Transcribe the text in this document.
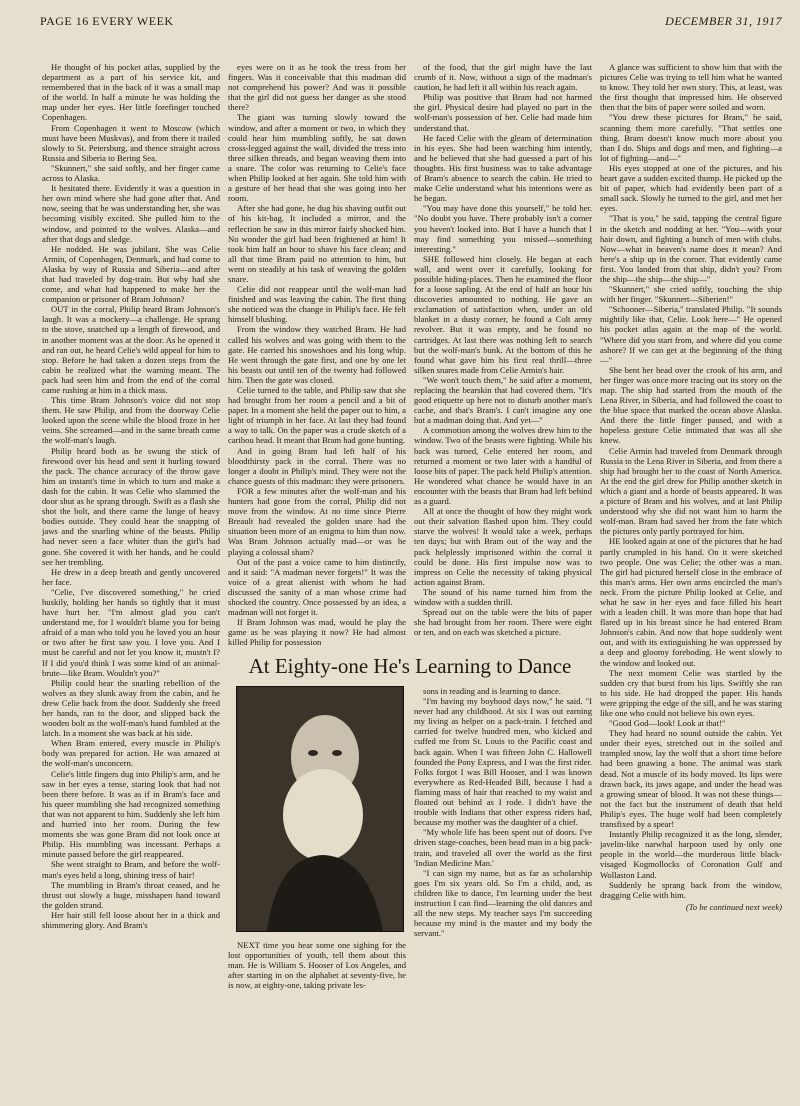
PAGE 16 EVERY WEEK	DECEMBER 31, 1917

He thought of his pocket atlas, supplied by the department as a part of his service kit, and remembered that in the back of it was a small map of the world. In half a minute he was holding the map under her eyes. Her little forefinger touched Copenhagen.

From Copenhagen it went to Moscow (which must have been Muskvas), and from there it trailed slowly to St. Petersburg, and thence straight across Russia and Siberia to Bering Sea.

"Skunnert," she said softly, and her finger came across to Alaska.

It hesitated there. Evidently it was a question in her own mind where she had gone after that. And now, seeing that he was understanding her, she was becoming visibly excited. She pulled him to the window, and pointed to the wolves. Alaska—and after that dogs and sledge.

He nodded. He was jubilant. She was Celie Armin, of Copenhagen, Denmark, and had come to Alaska by way of Russia and Siberia—and after that had traveled by dog-train. But why had she come, and what had happened to make her the companion or prisoner of Bram Johnson?

OUT in the corral, Philip heard Bram Johnson's laugh. It was a mockery—a challenge. He sprang to the stove, snatched up a length of firewood, and in another moment was at the door. As he opened it and ran out, he heard Celie's wild appeal for him to stop. Before he had taken a dozen steps from the cabin he realized what the warning meant. The pack had seen him and from the end of the corral came rushing at him in a thick mass.

This time Bram Johnson's voice did not stop them. He saw Philip, and from the doorway Celie looked upon the scene while the blood froze in her veins. She screamed—and in the same breath came the wolf-man's laugh.

Philip heard both as he swung the stick of firewood over his head and sent it hurling toward the pack. The chance accuracy of the throw gave him an instant's time in which to turn and make a dash for the cabin. It was Celie who slammed the door shut as he sprang through. Swift as a flash she shot the bolt, and there came the lunge of heavy bodies outside. They could hear the snapping of jaws and the snarling whine of the beasts. Philip had never seen a face whiter than the girl's had gone. She covered it with her hands, and he could see her trembling.

He drew in a deep breath and gently uncovered her face.

"Celie, I've discovered something," he cried huskily, holding her hands so tightly that it must have hurt her. "I'm almost glad you can't understand me, for I wouldn't blame you for being afraid of a man who told you he loved you an hour or two after he first saw you. I love you. And I must be careful and not let you know it, mustn't I? If I did you'd think I was some kind of an animal-brute—like Bram. Wouldn't you?"

Philip could hear the snarling rebellion of the wolves as they slunk away from the cabin, and he drew Celie back from the door. Suddenly she freed her hands, ran to the door, and slipped back the wooden bolt as the wolf-man's hand fumbled at the latch. In a moment she was back at his side.

When Bram entered, every muscle in Philip's body was prepared for action. He was amazed at the wolf-man's unconcern.

Celie's little fingers dug into Philip's arm, and he saw in her eyes a tense, staring look that had not been there before. It was as if in Bram's face and his queer mumbling she had recognized something that was not apparent to him. Suddenly she left him and hurried into her room. During the few moments she was gone Bram did not look once at Philip. His mumbling was incessant. Perhaps a minute passed before the girl reappeared.

She went straight to Bram, and before the wolf-man's eyes held a long, shining tress of hair!

The mumbling in Bram's throat ceased, and he thrust out slowly a huge, misshapen hand toward the golden strand.

Her hair still fell loose about her in a thick and shimmering glory. And Bram's

eyes were on it as he took the tress from her fingers. Was it conceivable that this madman did not comprehend his power? And was it possible that the girl did not guess her danger as she stood there?

The giant was turning slowly toward the window, and after a moment or two, in which they could hear him mumbling softly, he sat down cross-legged against the wall, divided the tress into three silken threads, and began weaving them into a snare. The color was returning to Celie's face when Philip looked at her again. She told him with a gesture of her head that she was going into her room.

After she had gone, he dug his shaving outfit out of his kit-bag. It included a mirror, and the reflection he saw in this mirror fairly shocked him. No wonder the girl had been frightened at him! It took him half an hour to shave his face clean; and all that time Bram paid no attention to him, but went on steadily at his task of weaving the golden snare.

Celie did not reappear until the wolf-man had finished and was leaving the cabin. The first thing she noticed was the change in Philip's face. He felt himself blushing.

From the window they watched Bram. He had called his wolves and was going with them to the gate. He carried his snowshoes and his long whip. He went through the gate first, and one by one let his beasts out until ten of the twenty had followed him. Then the gate was closed.

Celie turned to the table, and Philip saw that she had brought from her room a pencil and a bit of paper. In a moment she held the paper out to him, a light of triumph in her face. At last they had found a way to talk. On the paper was a crude sketch of a caribou head. It meant that Bram had gone hunting.

And in going Bram had left half of his bloodthirsty pack in the corral. There was no longer a doubt in Philip's mind. They were not the chance guests of this madman: they were prisoners.

FOR a few minutes after the wolf-man and his hunters had gone from the corral, Philip did not move from the window. At no time since Pierre Breault had revealed the golden snare had the situation been more of an enigma to him than now. Was Bram Johnson actually mad—or was he playing a colossal sham?

Out of the past a voice came to him distinctly, and it said: "A madman never forgets!" It was the voice of a great alienist with whom he had discussed the sanity of a man whose crime had shocked the country. Once possessed by an idea, a madman will not forget it.

If Bram Johnson was mad, would he play the game as he was playing it now? He had almost killed Philip for possession

of the food, that the girl might have the last crumb of it. Now, without a sign of the madman's caution, he had left it all within his reach again.

Philip was positive that Bram had not harmed the girl. Physical desire had played no part in the wolf-man's possession of her. Celie had made him understand that.

He faced Celie with the gleam of determination in his eyes. She had been watching him intently, and he believed that she had guessed a part of his thoughts. His first business was to take advantage of Bram's absence to search the cabin. He tried to make Celie understand what his intentions were as he began.

"You may have done this yourself," he told her. "No doubt you have. There probably isn't a corner you haven't looked into. But I have a hunch that I may find something you missed—something interesting."

SHE followed him closely. He began at each wall, and went over it carefully, looking for possible hiding-places. Then he examined the floor for a loose sapling. At the end of half an hour his discoveries amounted to nothing. He gave an exclamation of satisfaction when, under an old blanket in a dusty corner, he found a Colt army revolver. But it was empty, and he found no cartridges. At last there was nothing left to search but the wolf-man's bunk. At the bottom of this he found what gave him his first real thrill—three silken snares made from Celie Armin's hair.

"We won't touch them," he said after a moment, replacing the bearskin that had covered them. "It's good etiquette up here not to disturb another man's cache, and that's Bram's. I can't imagine any one but a madman doing that. And yet—"

A commotion among the wolves drew him to the window. Two of the beasts were fighting. While his back was turned, Celie entered her room, and returned a moment or two later with a handful of loose bits of paper. The pack held Philip's attention. He wondered what chance he would have in an encounter with the beasts that Bram had left behind as a guard.

All at once the thought of how they might work out their salvation flashed upon him. They could starve the wolves! It would take a week, perhaps ten days; but with Bram out of the way and the pack helplessly imprisoned within the corral it could be done. His first impulse now was to impress on Celie the necessity of taking physical action against Bram.

The sound of his name turned him from the window with a sudden thrill.

Spread out on the table were the bits of paper she had brought from her room. There were eight or ten, and on each was sketched a picture.

A glance was sufficient to show him that with the pictures Celie was trying to tell him what he wanted to know. They told her own story. This, at least, was the first thought that impressed him. He observed then that the bits of paper were soiled and worn.

"You drew these pictures for Bram," he said, scanning them more carefully. "That settles one thing. Bram doesn't know much more about you than I do. Ships and dogs and men, and fighting—a lot of fighting—and—"

His eyes stopped at one of the pictures, and his heart gave a sudden excited thump. He picked up the bit of paper, which had evidently been part of a small sack. Slowly he turned to the girl, and met her eyes.

"That is you," he said, tapping the central figure in the sketch and nodding at her. "You—with your hair down, and fighting a bunch of men with clubs. Now—what in heaven's name does it mean? And here's a ship up in the corner. That evidently came first. You landed from that ship, didn't you? From the ship—the ship—the ship—"

"Skunnert," she cried softly, touching the ship with her finger. "Skunnert—Siberien!"

"Schooner—Siberia," translated Philip. "It sounds mightily like that, Celie. Look here—" He opened his pocket atlas again at the map of the world. "Where did you start from, and where did you come ashore? If we can get at the beginning of the thing—"

She bent her head over the crook of his arm, and her finger was once more tracing out its story on the map. The ship had started from the mouth of the Lena River, in Siberia, and had followed the coast to the blue space that marked the ocean above Alaska. And there the little finger paused, and with a hopeless gesture Celie intimated that was all she knew.

Celie Armin had traveled from Denmark through Russia to the Lena River in Siberia, and from there a ship had brought her to the coast of North America. At the end the girl drew for Philip another sketch in which a giant and a horde of beasts appeared. It was a picture of Bram and his wolves, and at last Philip understood why she did not want him to harm the wolf-man. Bram had saved her from the fate which the pictures only partly portrayed for him.

HE looked again at one of the pictures that he had partly crumpled in his hand. On it were sketched two people. One was Celie; the other was a man. The girl had pictured herself close in the embrace of this man's arms. Her own arms encircled the man's neck. From the picture Philip looked at Celie, and what he saw in her eyes and face filled his heart with a leaden chill. It was more than hope that had flared up in his breast since he had entered Bram Johnson's cabin. And now that hope suddenly went out, and with its extinguishing he was oppressed by a deep and gloomy foreboding. He went slowly to the window and looked out.

The next moment Celie was startled by the sudden cry that burst from his lips. Swiftly she ran to his side. He had dropped the paper. His hands were gripping the edge of the sill, and he was staring like one who could not believe his own eyes.

"Good God—look! Look at that!"

They had heard no sound outside the cabin. Yet under their eyes, stretched out in the soiled and trampled snow, lay the wolf that a short time before had been gnawing a bone. The animal was stark dead. Not a muscle of its body moved. Its lips were drawn back, its jaws agape, and under the head was a growing smear of blood. It was not these things—not the fact but the instrument of death that held Philip's eyes. The huge wolf had been completely transfixed by a spear!

Instantly Philip recognized it as the long, slender, javelin-like narwhal harpoon used by only one people in the world—the murderous little black-visaged Kogmollocks of Coronation Gulf and Wollaston Land.

Suddenly he sprang back from the window, dragging Celie with him.

(To be continued next week)
At Eighty-one He's Learning to Dance

NEXT time you hear some one sighing for the lost opportunities of youth, tell them about this man. He is William S. Hooser of Los Angeles, and after starting in on the alphabet at seventy-five, he is now, at eighty-one, taking private les-

sons in reading and is learning to dance.

"I'm having my boyhood days now," he said. "I never had any childhood. At six I was out earning my living as helper on a pack-train. I fetched and carried for twelve hundred men, who kicked and cuffed me from St. Louis to the Pacific coast and back again. When I was fifteen John C. Hallowell founded the Pony Express, and I was the first rider. Folks forgot I was Bill Hooser, and I was known everywhere as Red-Headed Bill, because I had a flaming mass of hair that reached to my waist and floated out behind as I rode. I didn't have the trouble with Indians that other express riders had, because my mother was the daughter of a chief.

"My whole life has been spent out of doors. I've driven stage-coaches, been head man in a big pack-train, and traveled all over the world as the first 'Indian Medicine Man.'

"I can sign my name, but as far as scholarship goes I'm six years old. So I'm a child, and, as children like to dance, I'm learning under the best instruction I can find—learning the old dances and all the new steps. My teacher says I'm succeeding because my mind is the master and my body the servant."
